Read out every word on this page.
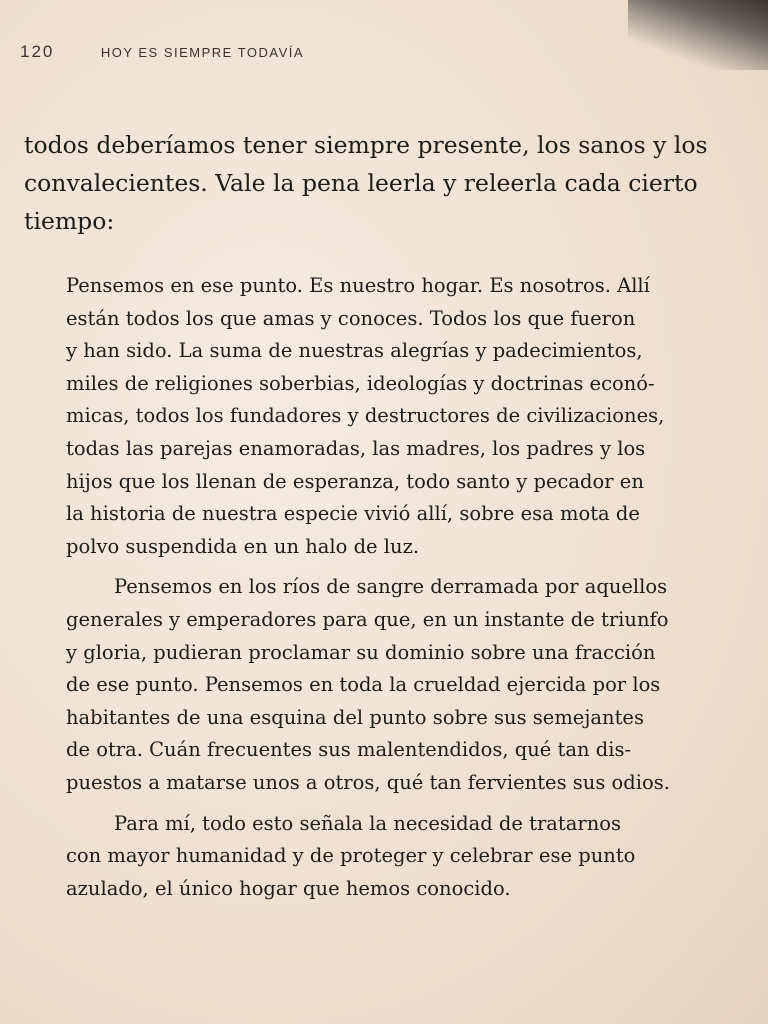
120	HOY ES SIEMPRE TODAVÍA
todos deberíamos tener siempre presente, los sanos y los
convalecientes. Vale la pena leerla y releerla cada cierto
tiempo:
Pensemos en ese punto. Es nuestro hogar. Es nosotros. Allí
están todos los que amas y conoces. Todos los que fueron
y han sido. La suma de nuestras alegrías y padecimientos,
miles de religiones soberbias, ideologías y doctrinas econó-
micas, todos los fundadores y destructores de civilizaciones,
todas las parejas enamoradas, las madres, los padres y los
hijos que los llenan de esperanza, todo santo y pecador en
la historia de nuestra especie vivió allí, sobre esa mota de
polvo suspendida en un halo de luz.
Pensemos en los ríos de sangre derramada por aquellos
generales y emperadores para que, en un instante de triunfo
y gloria, pudieran proclamar su dominio sobre una fracción
de ese punto. Pensemos en toda la crueldad ejercida por los
habitantes de una esquina del punto sobre sus semejantes
de otra. Cuán frecuentes sus malentendidos, qué tan dis-
puestos a matarse unos a otros, qué tan fervientes sus odios.
Para mí, todo esto señala la necesidad de tratarnos
con mayor humanidad y de proteger y celebrar ese punto
azulado, el único hogar que hemos conocido.
